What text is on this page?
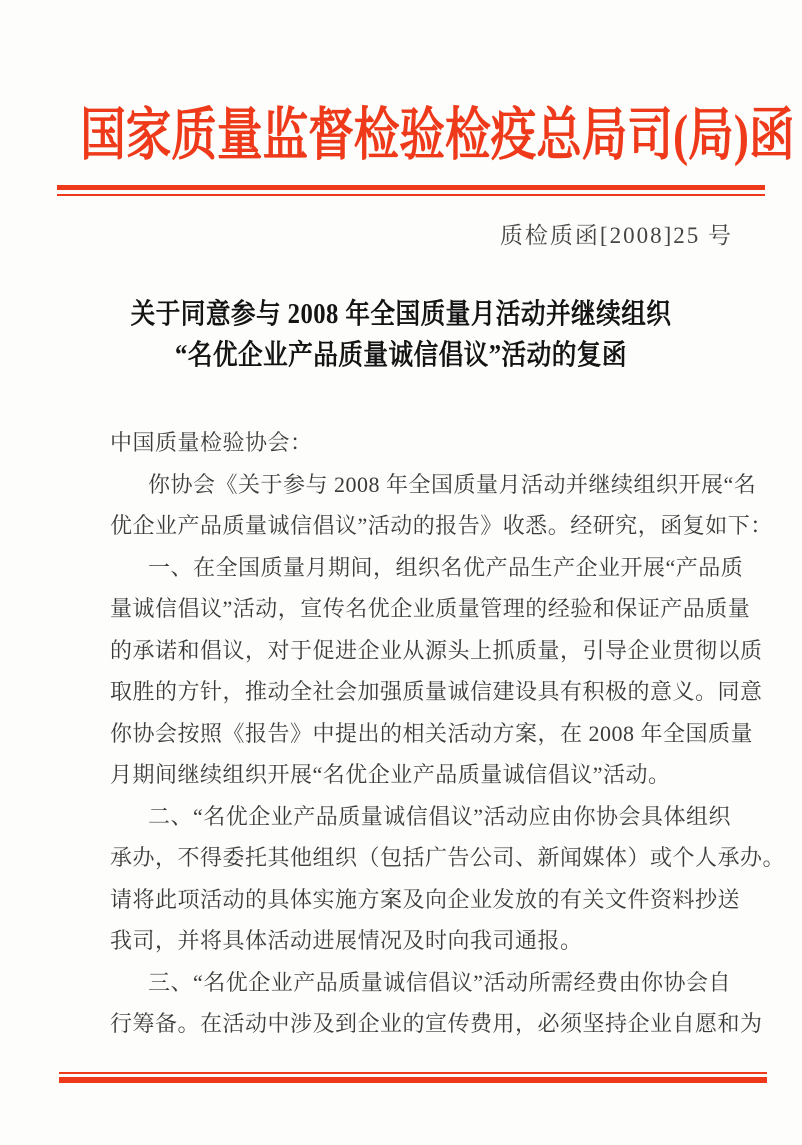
国家质量监督检验检疫总局司(局)函
质检质函[2008]25 号
关于同意参与 2008 年全国质量月活动并继续组织
“名优企业产品质量诚信倡议”活动的复函
中国质量检验协会：
你协会《关于参与 2008 年全国质量月活动并继续组织开展“名
优企业产品质量诚信倡议”活动的报告》收悉。经研究，函复如下：
一、在全国质量月期间，组织名优产品生产企业开展“产品质
量诚信倡议”活动，宣传名优企业质量管理的经验和保证产品质量
的承诺和倡议，对于促进企业从源头上抓质量，引导企业贯彻以质
取胜的方针，推动全社会加强质量诚信建设具有积极的意义。同意
你协会按照《报告》中提出的相关活动方案，在 2008 年全国质量
月期间继续组织开展“名优企业产品质量诚信倡议”活动。
二、“名优企业产品质量诚信倡议”活动应由你协会具体组织
承办，不得委托其他组织（包括广告公司、新闻媒体）或个人承办。
请将此项活动的具体实施方案及向企业发放的有关文件资料抄送
我司，并将具体活动进展情况及时向我司通报。
三、“名优企业产品质量诚信倡议”活动所需经费由你协会自
行筹备。在活动中涉及到企业的宣传费用，必须坚持企业自愿和为
